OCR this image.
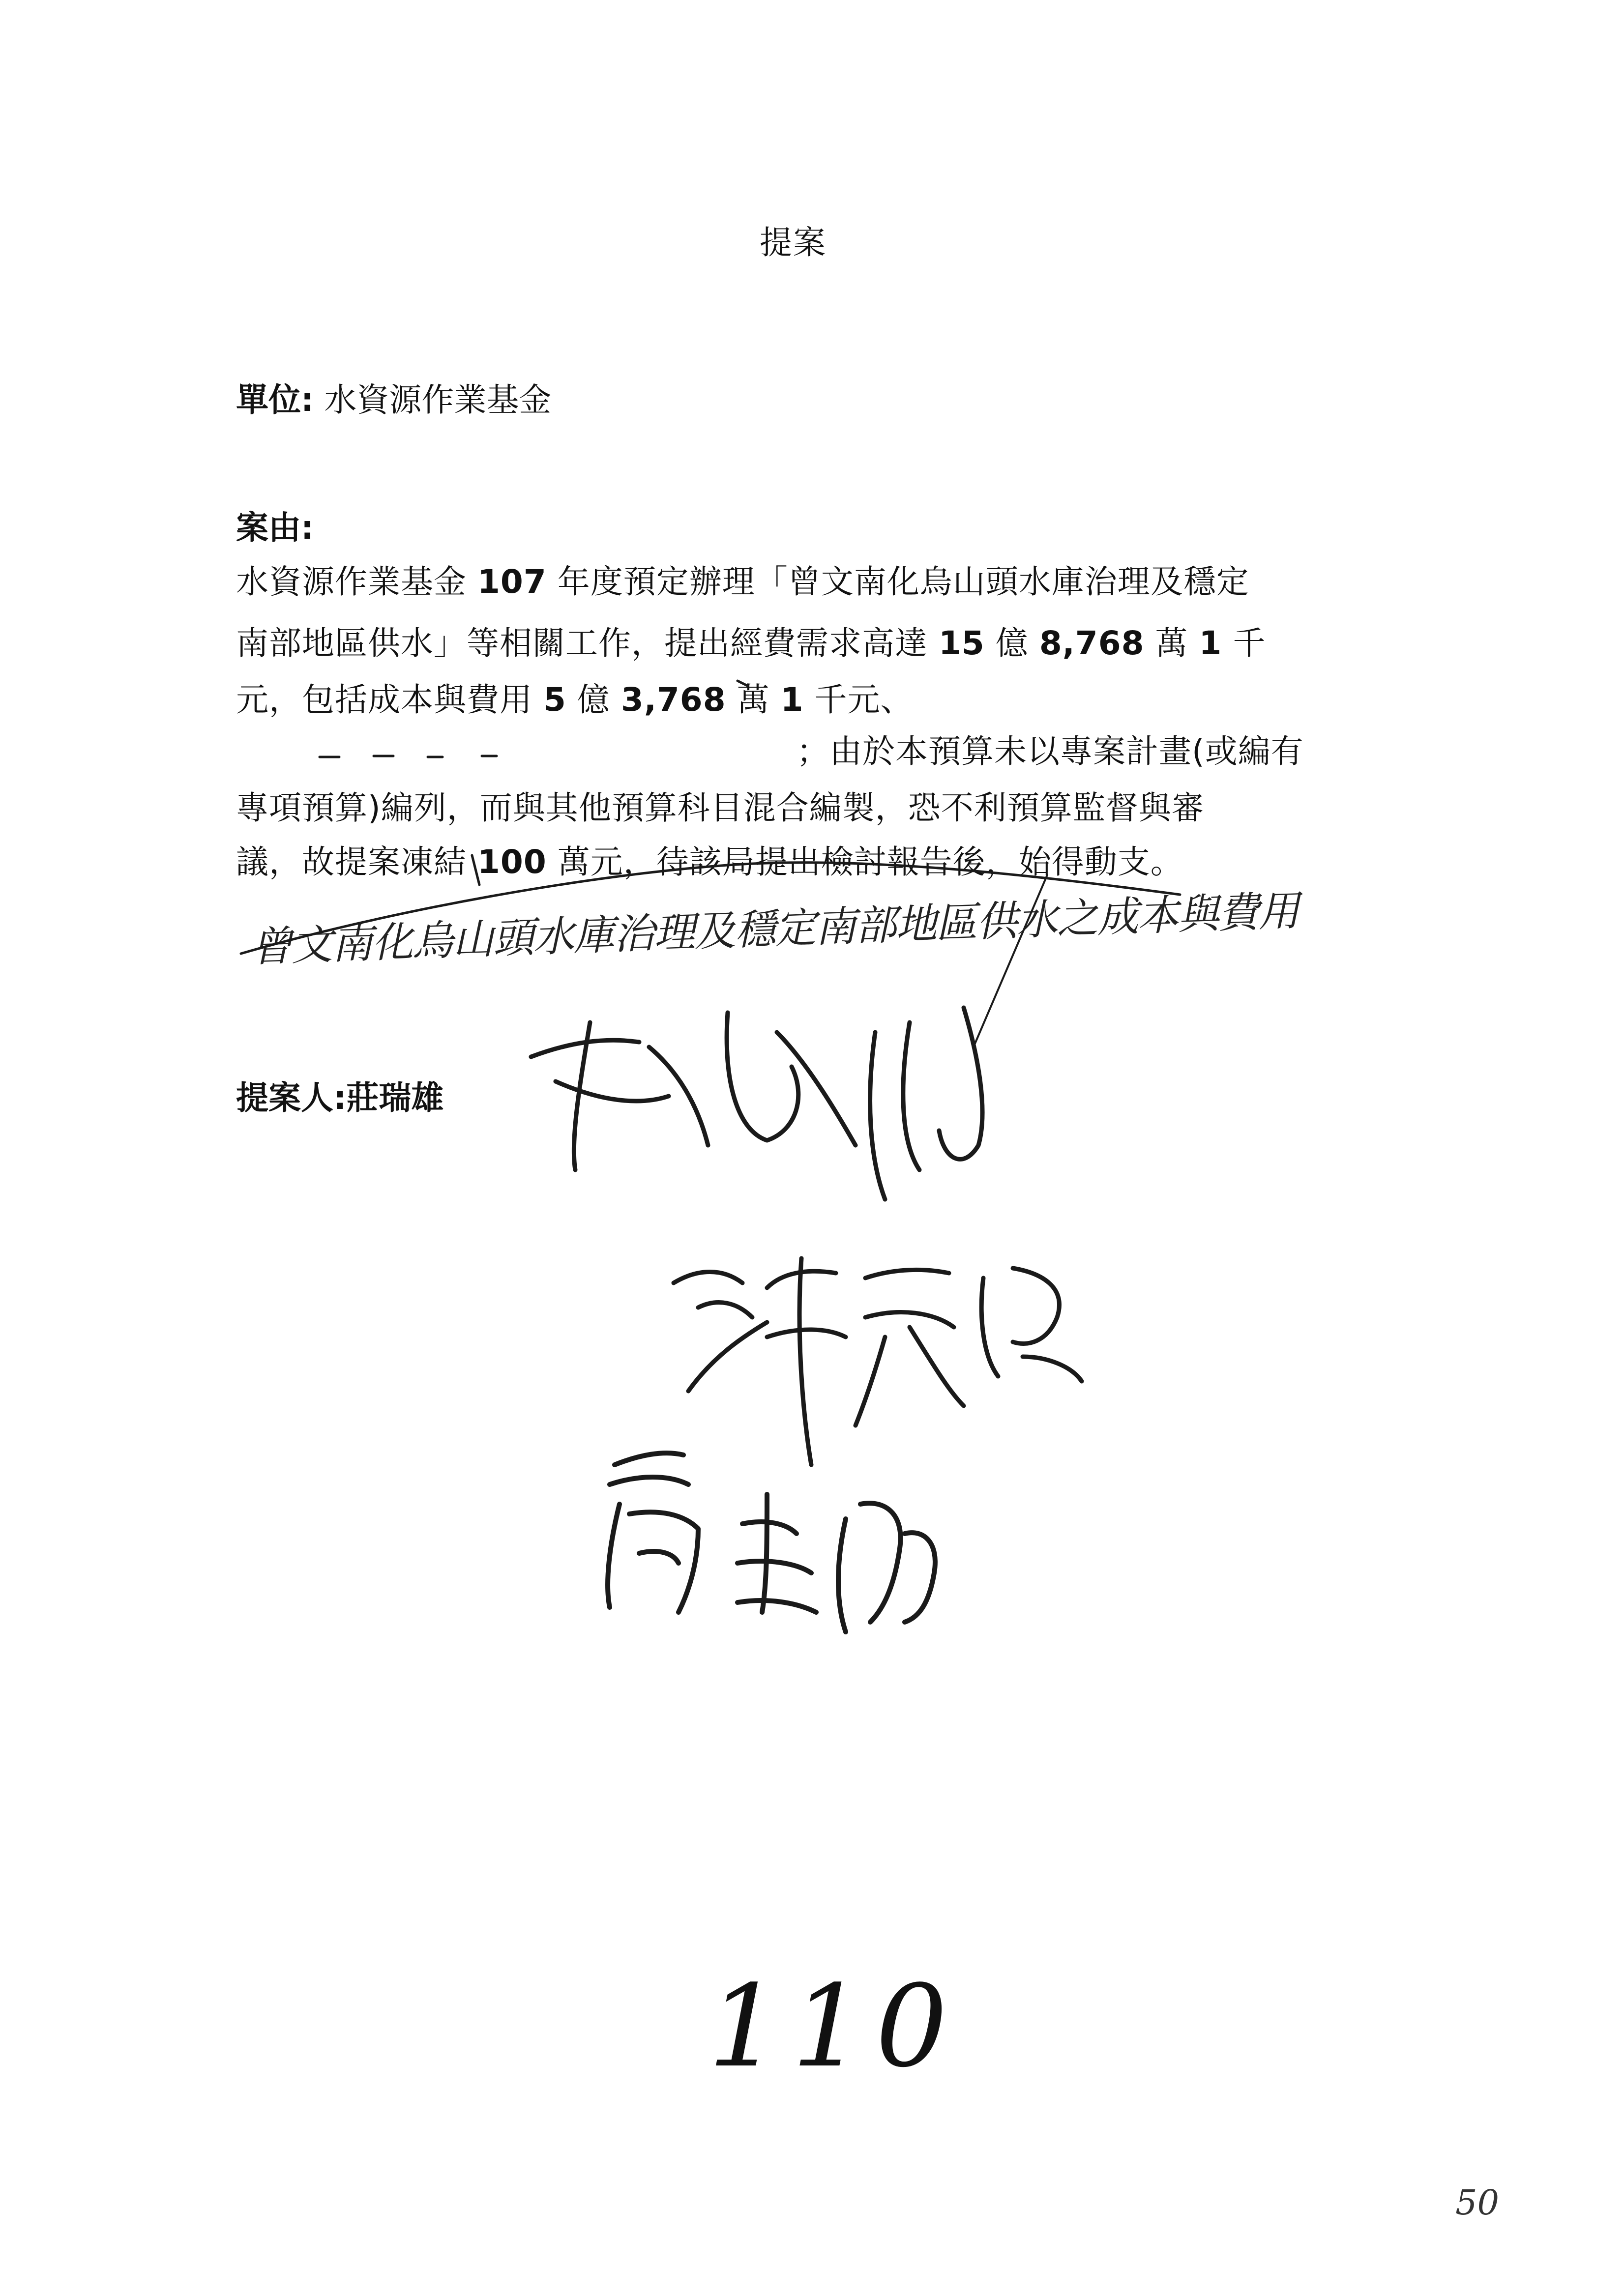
提案
單位: 水資源作業基金
案由:
水資源作業基金 107 年度預定辦理「曾文南化烏山頭水庫治理及穩定
南部地區供水」等相關工作，提出經費需求高達 15 億 8,768 萬 1 千
元，包括成本與費用 5 億 3,768 萬 1 千元、
；由於本預算未以專案計畫(或編有
專項預算)編列，而與其他預算科目混合編製，恐不利預算監督與審
議，故提案凍結 100 萬元，待該局提出檢討報告後，始得動支。
曾文南化烏山頭水庫治理及穩定南部地區供水之成本與費用
提案人:莊瑞雄
110
50
